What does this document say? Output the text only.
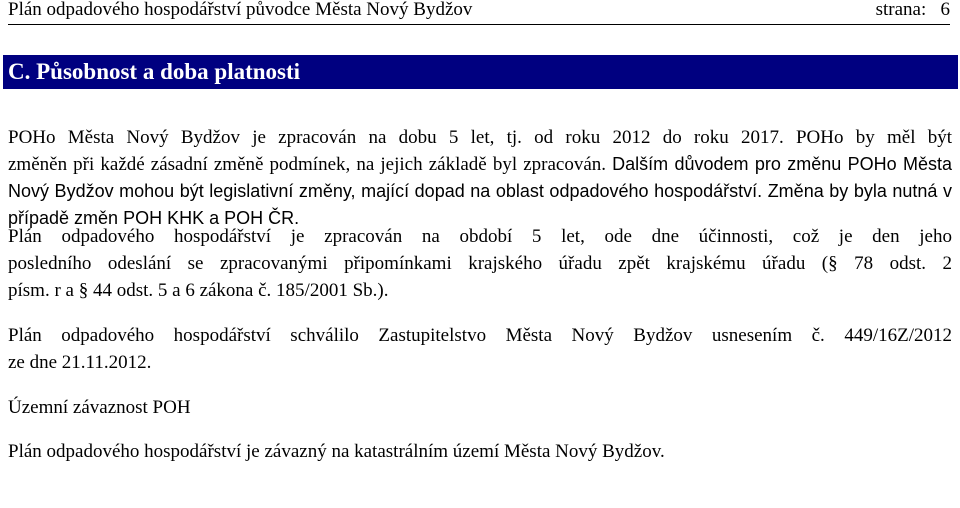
Plán odpadového hospodářství původce Města Nový Bydžov	strana: 6
C. Působnost a doba platnosti

POHo Města Nový Bydžov je zpracován na dobu 5 let, tj. od roku 2012 do roku 2017. POHo by měl být
změněn při každé zásadní změně podmínek, na jejich základě byl zpracován. Dalším důvodem pro změnu POHo Města Nový Bydžov mohou být legislativní změny, mající dopad na oblast odpadového hospodářství. Změna by byla nutná v případě změn POH KHK a POH ČR.

Plán odpadového hospodářství je zpracován na období 5 let, ode dne účinnosti, což je den jeho
posledního odeslání se zpracovanými připomínkami krajského úřadu zpět krajskému úřadu (§ 78 odst. 2
písm. r a § 44 odst. 5 a 6 zákona č. 185/2001 Sb.).

Plán odpadového hospodářství schválilo Zastupitelstvo Města Nový Bydžov usnesením č. 449/16Z/2012
ze dne 21.11.2012.

Územní závaznost POH

Plán odpadového hospodářství je závazný na katastrálním území Města Nový Bydžov.
